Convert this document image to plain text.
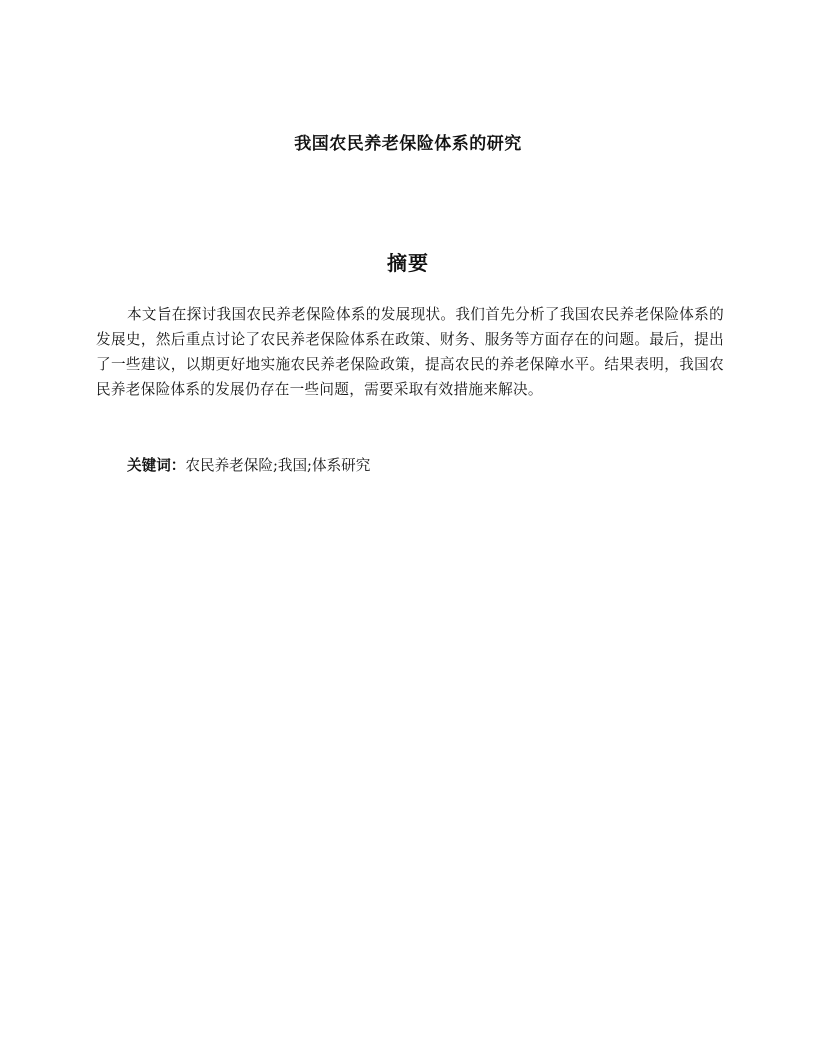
我国农民养老保险体系的研究
摘要

本文旨在探讨我国农民养老保险体系的发展现状。我们首先分析了我国农民养老保险体系的发展史，然后重点讨论了农民养老保险体系在政策、财务、服务等方面存在的问题。最后，提出了一些建议，以期更好地实施农民养老保险政策，提高农民的养老保障水平。结果表明，我国农民养老保险体系的发展仍存在一些问题，需要采取有效措施来解决。

关键词：农民养老保险;我国;体系研究
